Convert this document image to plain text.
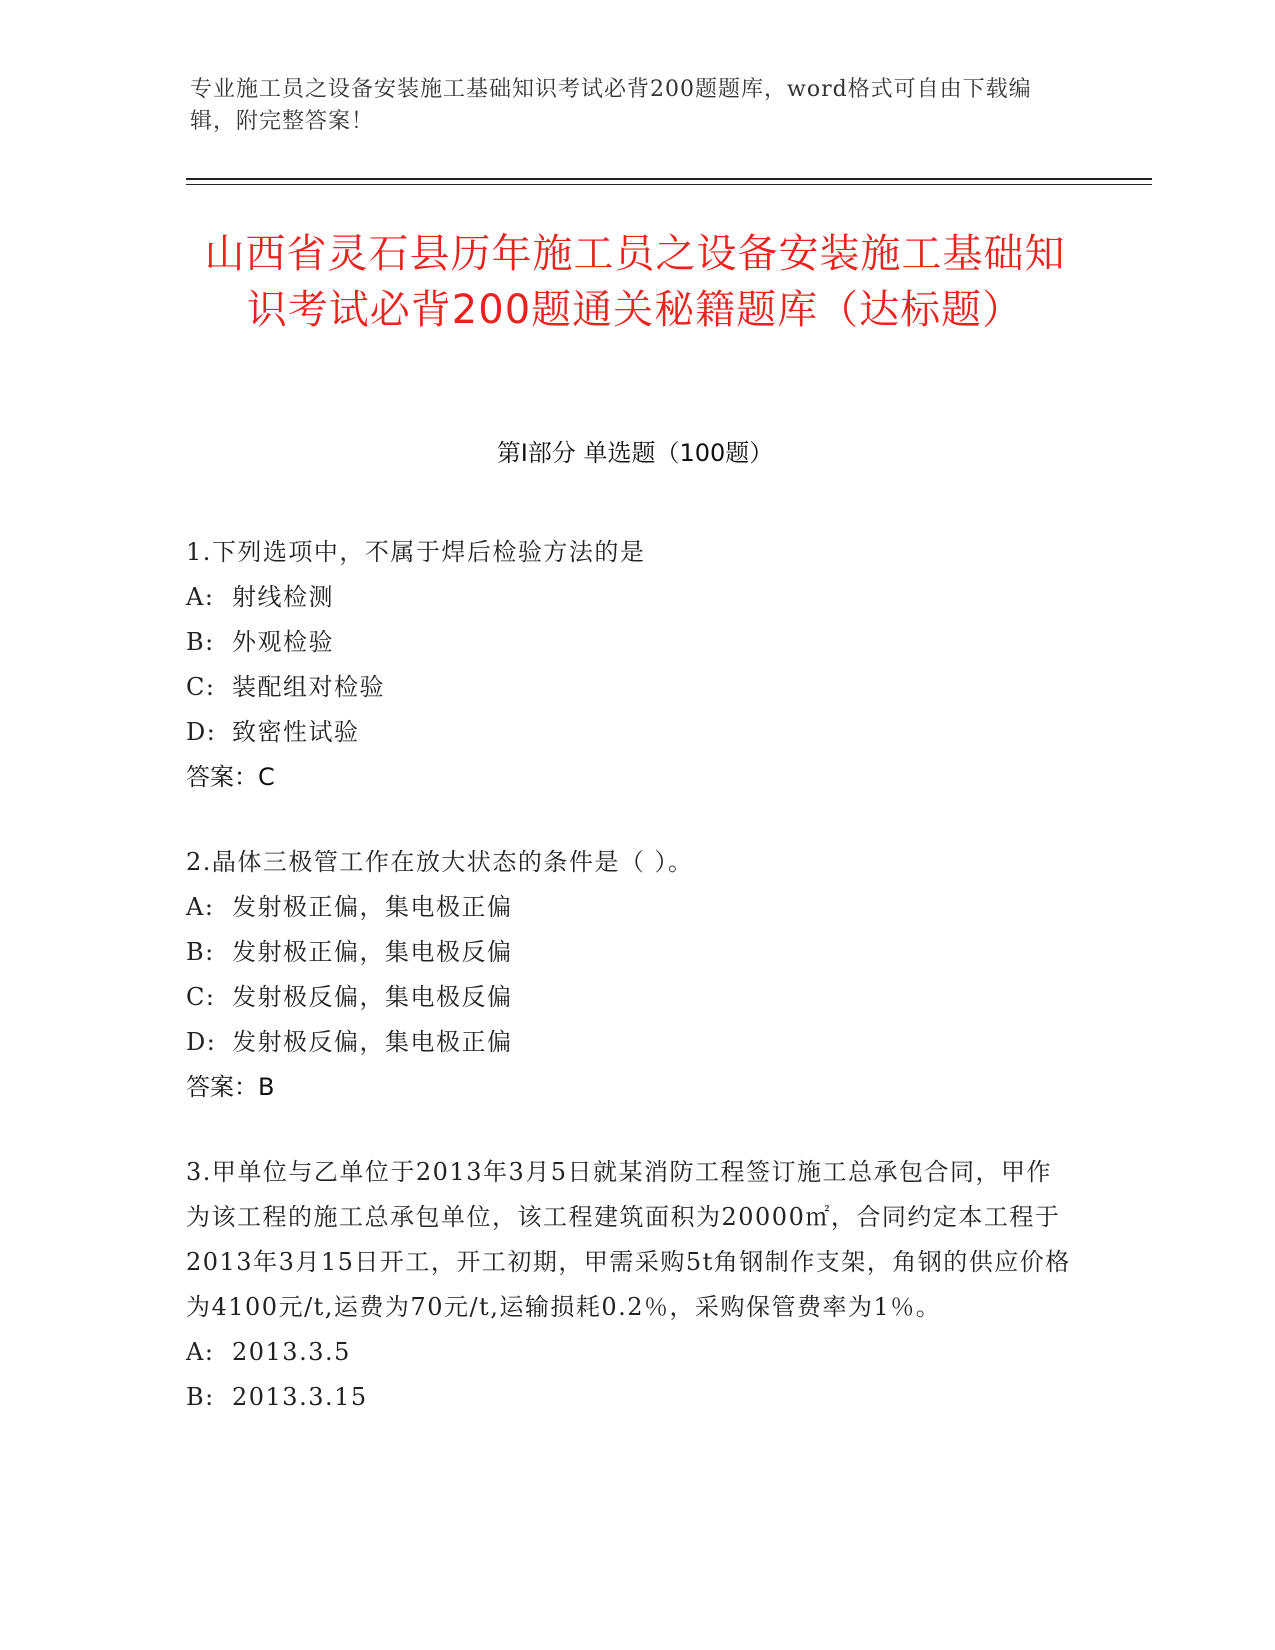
专业施工员之设备安装施工基础知识考试必背200题题库，word格式可自由下载编辑，附完整答案！
山西省灵石县历年施工员之设备安装施工基础知识考试必背200题通关秘籍题库（达标题）
第Ⅰ部分 单选题（100题）
1.下列选项中，不属于焊后检验方法的是
A: 射线检测
B: 外观检验
C: 装配组对检验
D: 致密性试验
答案：C
2.晶体三极管工作在放大状态的条件是（ ）。
A: 发射极正偏，集电极正偏
B: 发射极正偏，集电极反偏
C: 发射极反偏，集电极反偏
D: 发射极反偏，集电极正偏
答案：B
3.甲单位与乙单位于2013年3月5日就某消防工程签订施工总承包合同，甲作为该工程的施工总承包单位，该工程建筑面积为20000㎡，合同约定本工程于2013年3月15日开工，开工初期，甲需采购5t角钢制作支架，角钢的供应价格为4100元/t,运费为70元/t,运输损耗0.2％，采购保管费率为1％。
A: 2013.3.5
B: 2013.3.15
